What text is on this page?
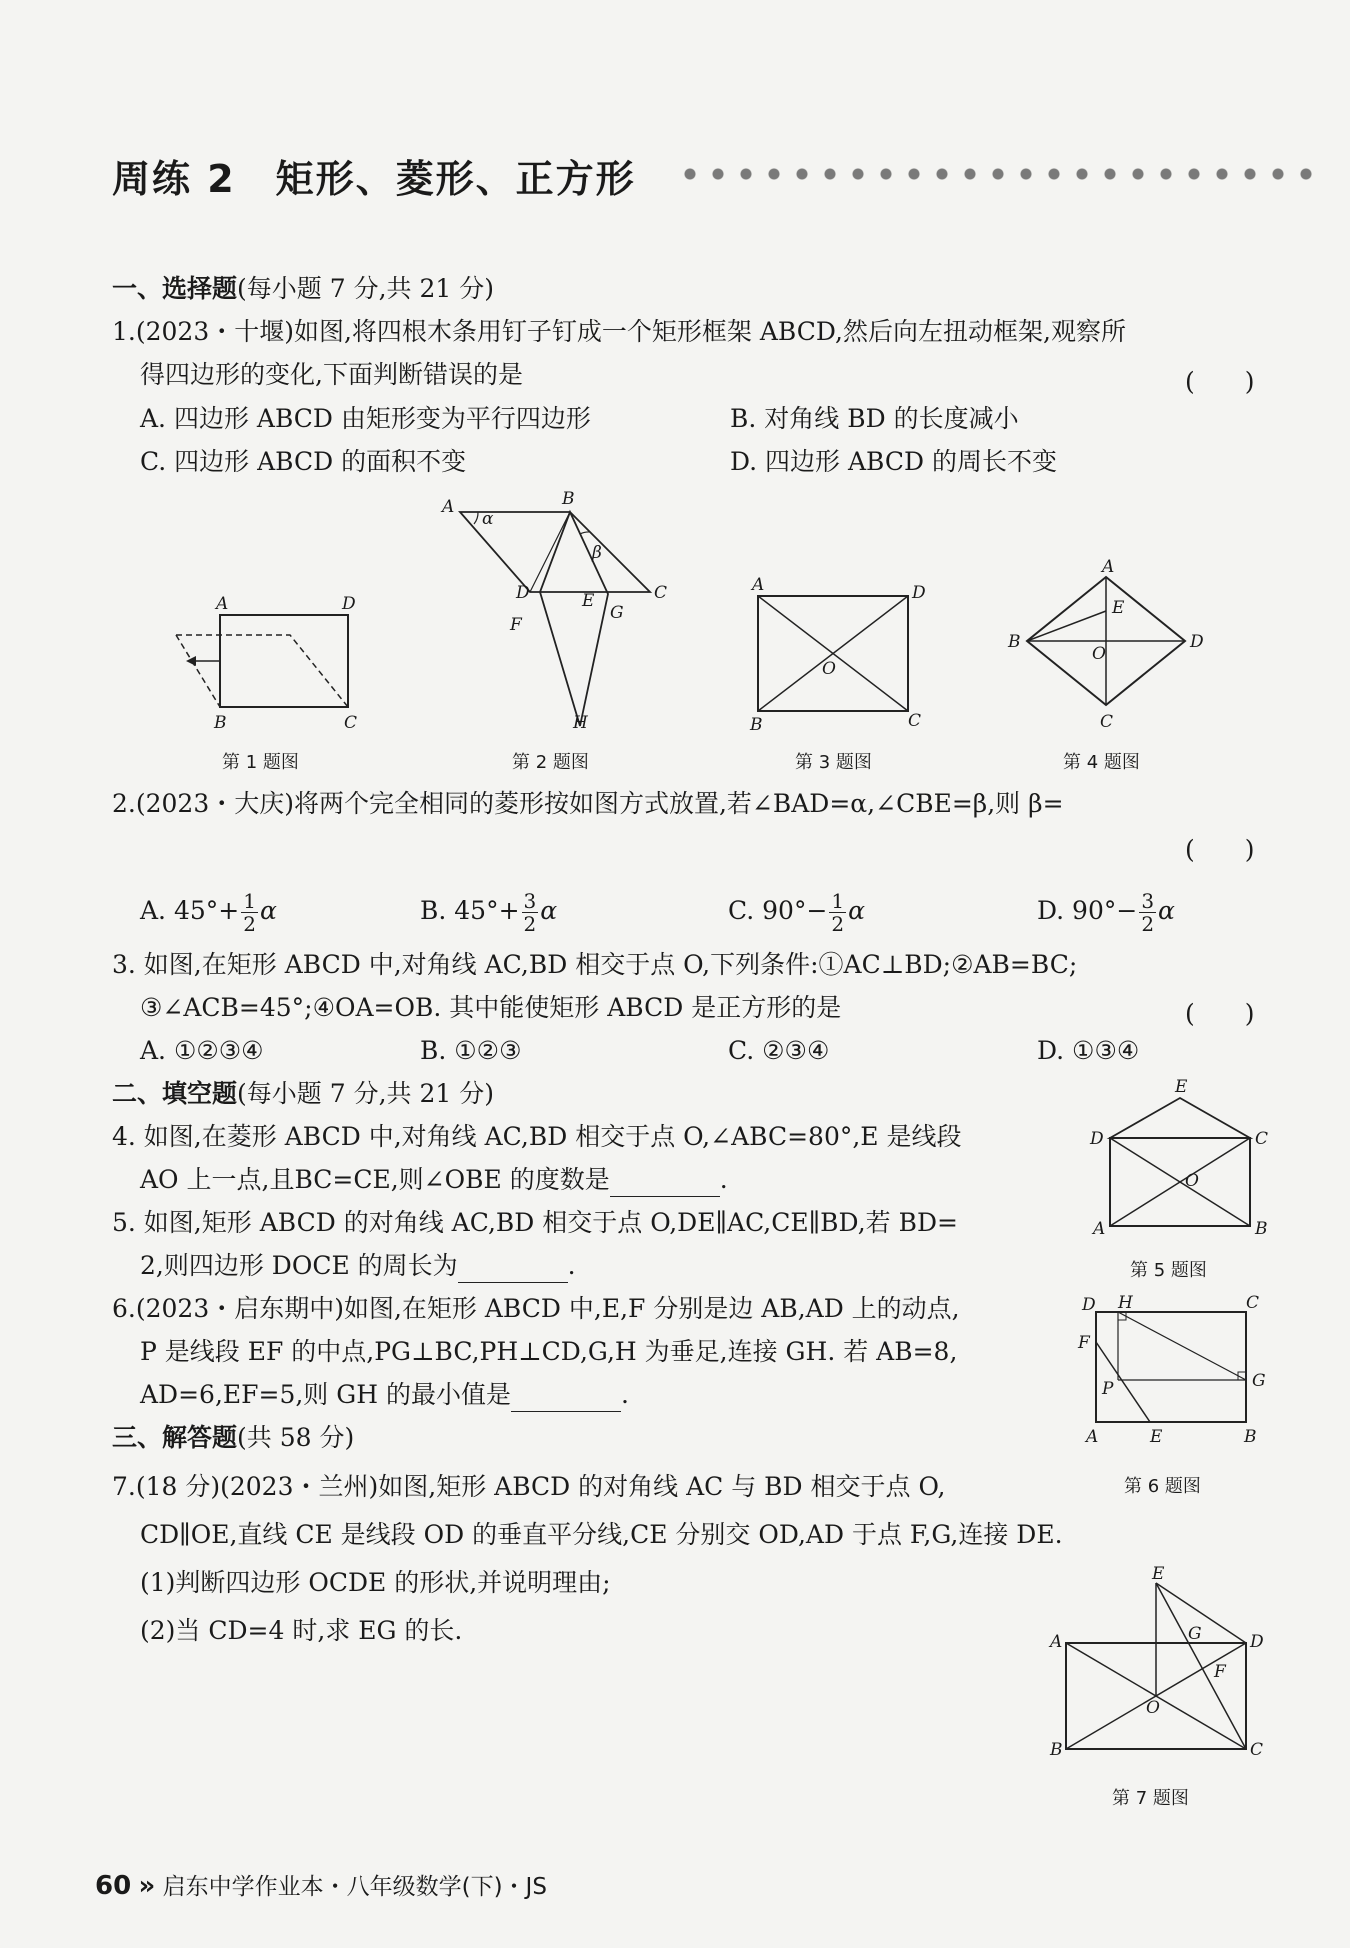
周练 2 矩形、菱形、正方形
一、选择题(每小题 7 分,共 21 分)
1.(2023・十堰)如图,将四根木条用钉子钉成一个矩形框架 ABCD,然后向左扭动框架,观察所
得四边形的变化,下面判断错误的是	(　　)
A. 四边形 ABCD 由矩形变为平行四边形	B. 对角线 BD 的长度减小
C. 四边形 ABCD 的面积不变	D. 四边形 ABCD 的周长不变
A	D
B	C
第 1 题图
A
α
B
β
C
D	E
F
G
H
第 2 题图
A	D
O
B	C
第 3 题图
A
E
B
O
D
C
第 4 题图
2.(2023・大庆)将两个完全相同的菱形按如图方式放置,若∠BAD=α,∠CBE=β,则 β=
(　　)
A. $45^\circ+ \frac{1}{2}$ α	B. $45^\circ+ \frac{3}{2}$ α	C. $90^\circ- \frac{1}{2}$ α	D. $90^\circ- \frac{3}{2}$ α
3. 如图,在矩形 ABCD 中,对角线 AC,BD 相交于点 O,下列条件:①AC⊥BD;②AB=BC;
③∠ACB=45°;④OA=OB. 其中能使矩形 ABCD 是正方形的是	(　　)
A. ①②③④	B. ①②③	C. ②③④	D. ①③④
二、填空题(每小题 7 分,共 21 分)
4. 如图,在菱形 ABCD 中,对角线 AC,BD 相交于点 O,∠ABC=80°,E 是线段
AO 上一点,且BC=CE,则∠OBE 的度数是	.
5. 如图,矩形 ABCD 的对角线 AC,BD 相交于点 O,DE∥AC,CE∥BD,若 BD=
2,则四边形 DOCE 的周长为	.
E
D	C
O
A	B
第 5 题图
6.(2023・启东期中)如图,在矩形 ABCD 中,E,F 分别是边 AB,AD 上的动点,
P 是线段 EF 的中点,PG⊥BC,PH⊥CD,G,H 为垂足,连接 GH. 若 AB=8,
AD=6,EF=5,则 GH 的最小值是	.
D H	C
F
P	G
A	E	B
第 6 题图
三、解答题(共 58 分)
7.(18 分)(2023・兰州)如图,矩形 ABCD 的对角线 AC 与 BD 相交于点 O,
CD∥OE,直线 CE 是线段 OD 的垂直平分线,CE 分别交 OD,AD 于点 F,G,连接 DE.
(1)判断四边形 OCDE 的形状,并说明理由;
(2)当 CD=4 时,求 EG 的长.
E
A	G	D
F
O
B	C
第 7 题图
60 » 启东中学作业本・八年级数学(下)・JS
